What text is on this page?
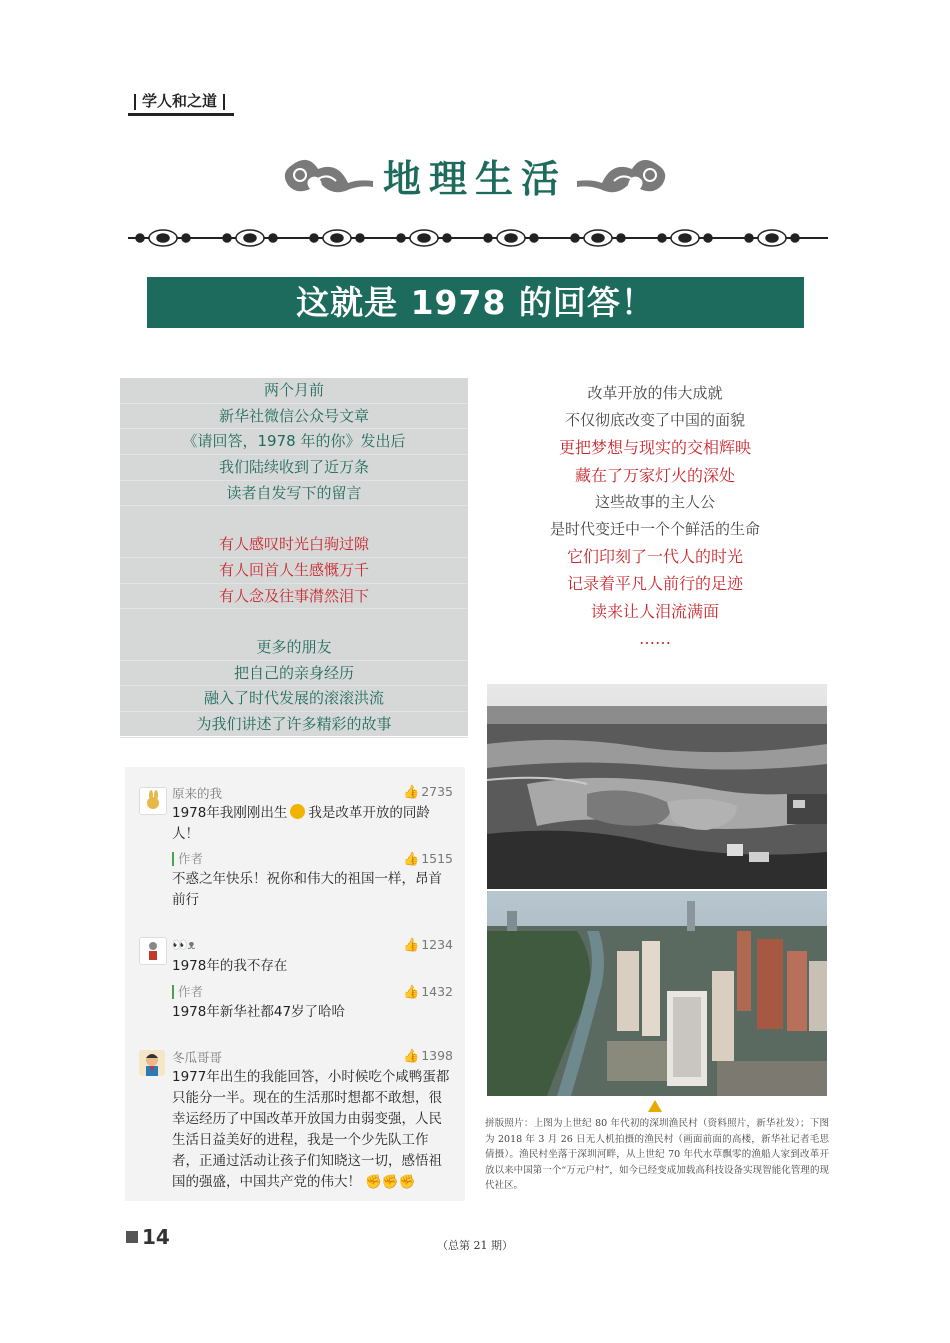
学人和之道
地理生活
这就是 1978 的回答！
两个月前
新华社微信公众号文章
《请回答，1978 年的你》发出后
我们陆续收到了近万条
读者自发写下的留言
有人感叹时光白驹过隙
有人回首人生感慨万千
有人念及往事潸然泪下
更多的朋友
把自己的亲身经历
融入了时代发展的滚滚洪流
为我们讲述了许多精彩的故事
改革开放的伟大成就
不仅彻底改变了中国的面貌
更把梦想与现实的交相辉映
藏在了万家灯火的深处
这些故事的主人公
是时代变迁中一个个鲜活的生命
它们印刻了一代人的时光
记录着平凡人前行的足迹
读来让人泪流满面
……
拼版照片：上图为上世纪 80 年代初的深圳渔民村（资料照片，新华社发）；下图为 2018 年 3 月 26 日无人机拍摄的渔民村（画面前面的高楼，新华社记者毛思倩摄）。渔民村坐落于深圳河畔，从上世纪 70 年代水草飘零的渔船人家到改革开放以来中国第一个“万元户村”，如今已经变成加载高科技设备实现智能化管理的现代社区。
原来的我	👍 2735
1978年我刚刚出生 我是改革开放的同龄
人！
作者	👍 1515
不惑之年快乐！祝你和伟大的祖国一样，昂首
前行
👀ᴥ	👍 1234
1978年的我不存在
作者	👍 1432
1978年新华社都47岁了哈哈
冬瓜哥哥	👍 1398
1977年出生的我能回答，小时候吃个咸鸭蛋都
只能分一半。现在的生活那时想都不敢想，很
幸运经历了中国改革开放国力由弱变强，人民
生活日益美好的进程，我是一个少先队工作
者，正通过活动让孩子们知晓这一切，感悟祖
国的强盛，中国共产党的伟大！ ✊✊✊
14	（总第 21 期）
